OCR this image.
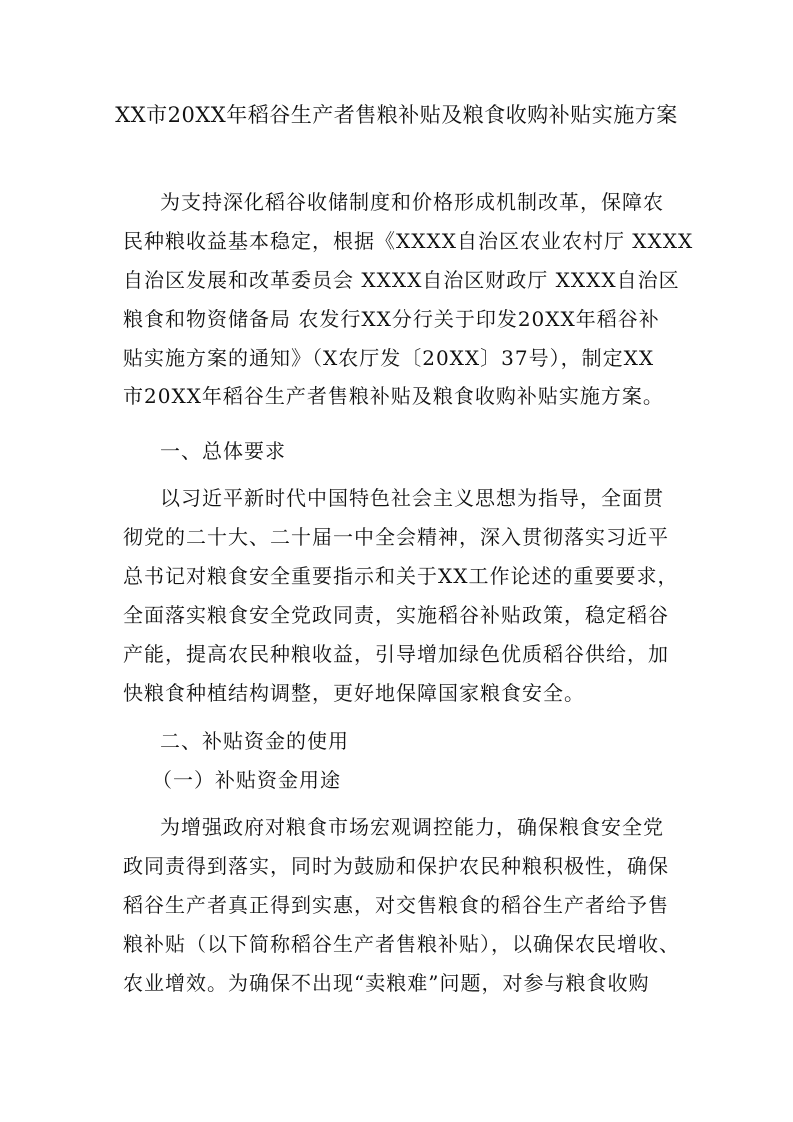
XX市20XX年稻谷生产者售粮补贴及粮食收购补贴实施方案
为支持深化稻谷收储制度和价格形成机制改革，保障农
民种粮收益基本稳定，根据《XXXX自治区农业农村厅 XXXX
自治区发展和改革委员会 XXXX自治区财政厅 XXXX自治区
粮食和物资储备局 农发行XX分行关于印发20XX年稻谷补
贴实施方案的通知》（X农厅发〔20XX〕37号），制定XX
市20XX年稻谷生产者售粮补贴及粮食收购补贴实施方案。
一、总体要求
以习近平新时代中国特色社会主义思想为指导，全面贯
彻党的二十大、二十届一中全会精神，深入贯彻落实习近平
总书记对粮食安全重要指示和关于XX工作论述的重要要求，
全面落实粮食安全党政同责，实施稻谷补贴政策，稳定稻谷
产能，提高农民种粮收益，引导增加绿色优质稻谷供给，加
快粮食种植结构调整，更好地保障国家粮食安全。
二、补贴资金的使用
（一）补贴资金用途
为增强政府对粮食市场宏观调控能力，确保粮食安全党
政同责得到落实，同时为鼓励和保护农民种粮积极性，确保
稻谷生产者真正得到实惠，对交售粮食的稻谷生产者给予售
粮补贴（以下简称稻谷生产者售粮补贴），以确保农民增收、
农业增效。为确保不出现“卖粮难”问题，对参与粮食收购
